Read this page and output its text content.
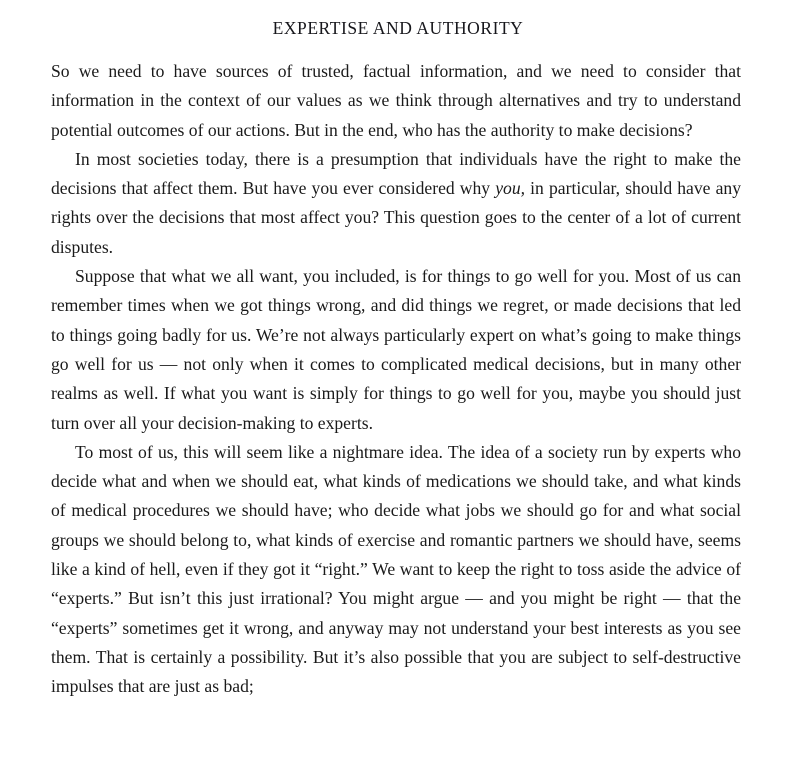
EXPERTISE AND AUTHORITY

So we need to have sources of trusted, factual information, and we need to consider that information in the context of our values as we think through alternatives and try to understand potential outcomes of our actions. But in the end, who has the authority to make decisions?

In most societies today, there is a presumption that individuals have the right to make the decisions that affect them. But have you ever considered why you, in particular, should have any rights over the decisions that most affect you? This question goes to the center of a lot of current disputes.

Suppose that what we all want, you included, is for things to go well for you. Most of us can remember times when we got things wrong, and did things we regret, or made decisions that led to things going badly for us. We’re not always particularly expert on what’s going to make things go well for us — not only when it comes to complicated medical decisions, but in many other realms as well. If what you want is simply for things to go well for you, maybe you should just turn over all your decision-making to experts.

To most of us, this will seem like a nightmare idea. The idea of a society run by experts who decide what and when we should eat, what kinds of medications we should take, and what kinds of medical procedures we should have; who decide what jobs we should go for and what social groups we should belong to, what kinds of exercise and romantic partners we should have, seems like a kind of hell, even if they got it “right.” We want to keep the right to toss aside the advice of “experts.” But isn’t this just irrational? You might argue — and you might be right — that the “experts” sometimes get it wrong, and anyway may not understand your best interests as you see them. That is certainly a possibility. But it’s also possible that you are subject to self-destructive impulses that are just as bad;
